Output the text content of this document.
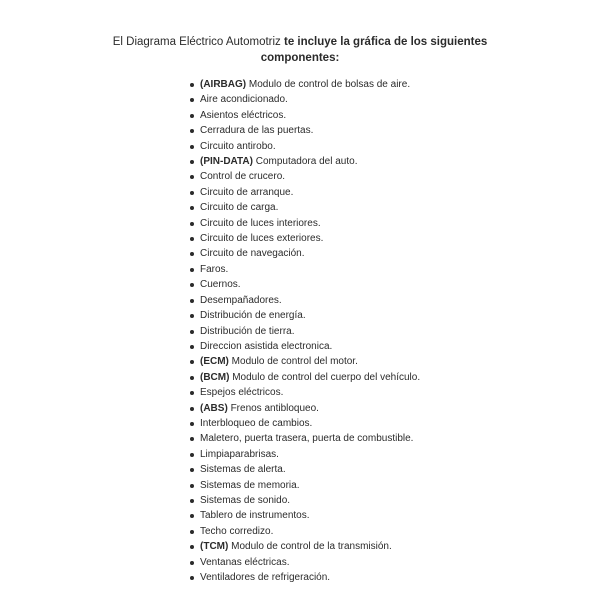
El Diagrama Eléctrico Automotriz te incluye la gráfica de los siguientes
componentes:
(AIRBAG) Modulo de control de bolsas de aire.
Aire acondicionado.
Asientos eléctricos.
Cerradura de las puertas.
Circuito antirobo.
(PIN-DATA) Computadora del auto.
Control de crucero.
Circuito de arranque.
Circuito de carga.
Circuito de luces interiores.
Circuito de luces exteriores.
Circuito de navegación.
Faros.
Cuernos.
Desempañadores.
Distribución de energía.
Distribución de tierra.
Direccion asistida electronica.
(ECM) Modulo de control del motor.
(BCM) Modulo de control del cuerpo del vehículo.
Espejos eléctricos.
(ABS) Frenos antibloqueo.
Interbloqueo de cambios.
Maletero, puerta trasera, puerta de combustible.
Limpiaparabrisas.
Sistemas de alerta.
Sistemas de memoria.
Sistemas de sonido.
Tablero de instrumentos.
Techo corredizo.
(TCM) Modulo de control de la transmisión.
Ventanas eléctricas.
Ventiladores de refrigeración.
